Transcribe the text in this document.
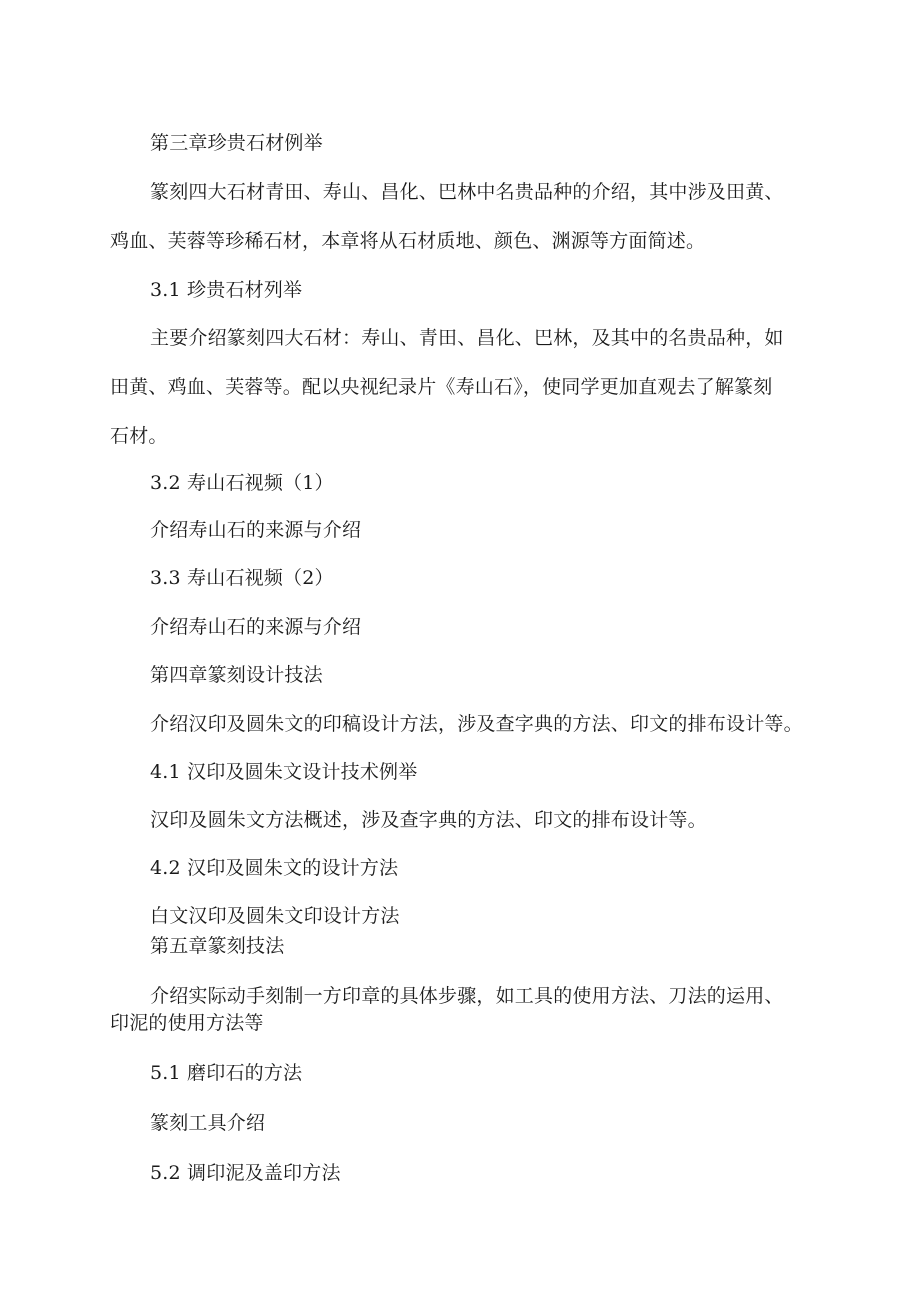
第三章珍贵石材例举
篆刻四大石材青田、寿山、昌化、巴林中名贵品种的介绍，其中涉及田黄、
鸡血、芙蓉等珍稀石材，本章将从石材质地、颜色、渊源等方面简述。
3.1 珍贵石材列举
主要介绍篆刻四大石材：寿山、青田、昌化、巴林，及其中的名贵品种，如
田黄、鸡血、芙蓉等。配以央视纪录片《寿山石》，使同学更加直观去了解篆刻
石材。
3.2 寿山石视频（1）
介绍寿山石的来源与介绍
3.3 寿山石视频（2）
介绍寿山石的来源与介绍
第四章篆刻设计技法
介绍汉印及圆朱文的印稿设计方法，涉及查字典的方法、印文的排布设计等。
4.1 汉印及圆朱文设计技术例举
汉印及圆朱文方法概述，涉及查字典的方法、印文的排布设计等。
4.2 汉印及圆朱文的设计方法
白文汉印及圆朱文印设计方法
第五章篆刻技法
介绍实际动手刻制一方印章的具体步骤，如工具的使用方法、刀法的运用、
印泥的使用方法等
5.1 磨印石的方法
篆刻工具介绍
5.2 调印泥及盖印方法
